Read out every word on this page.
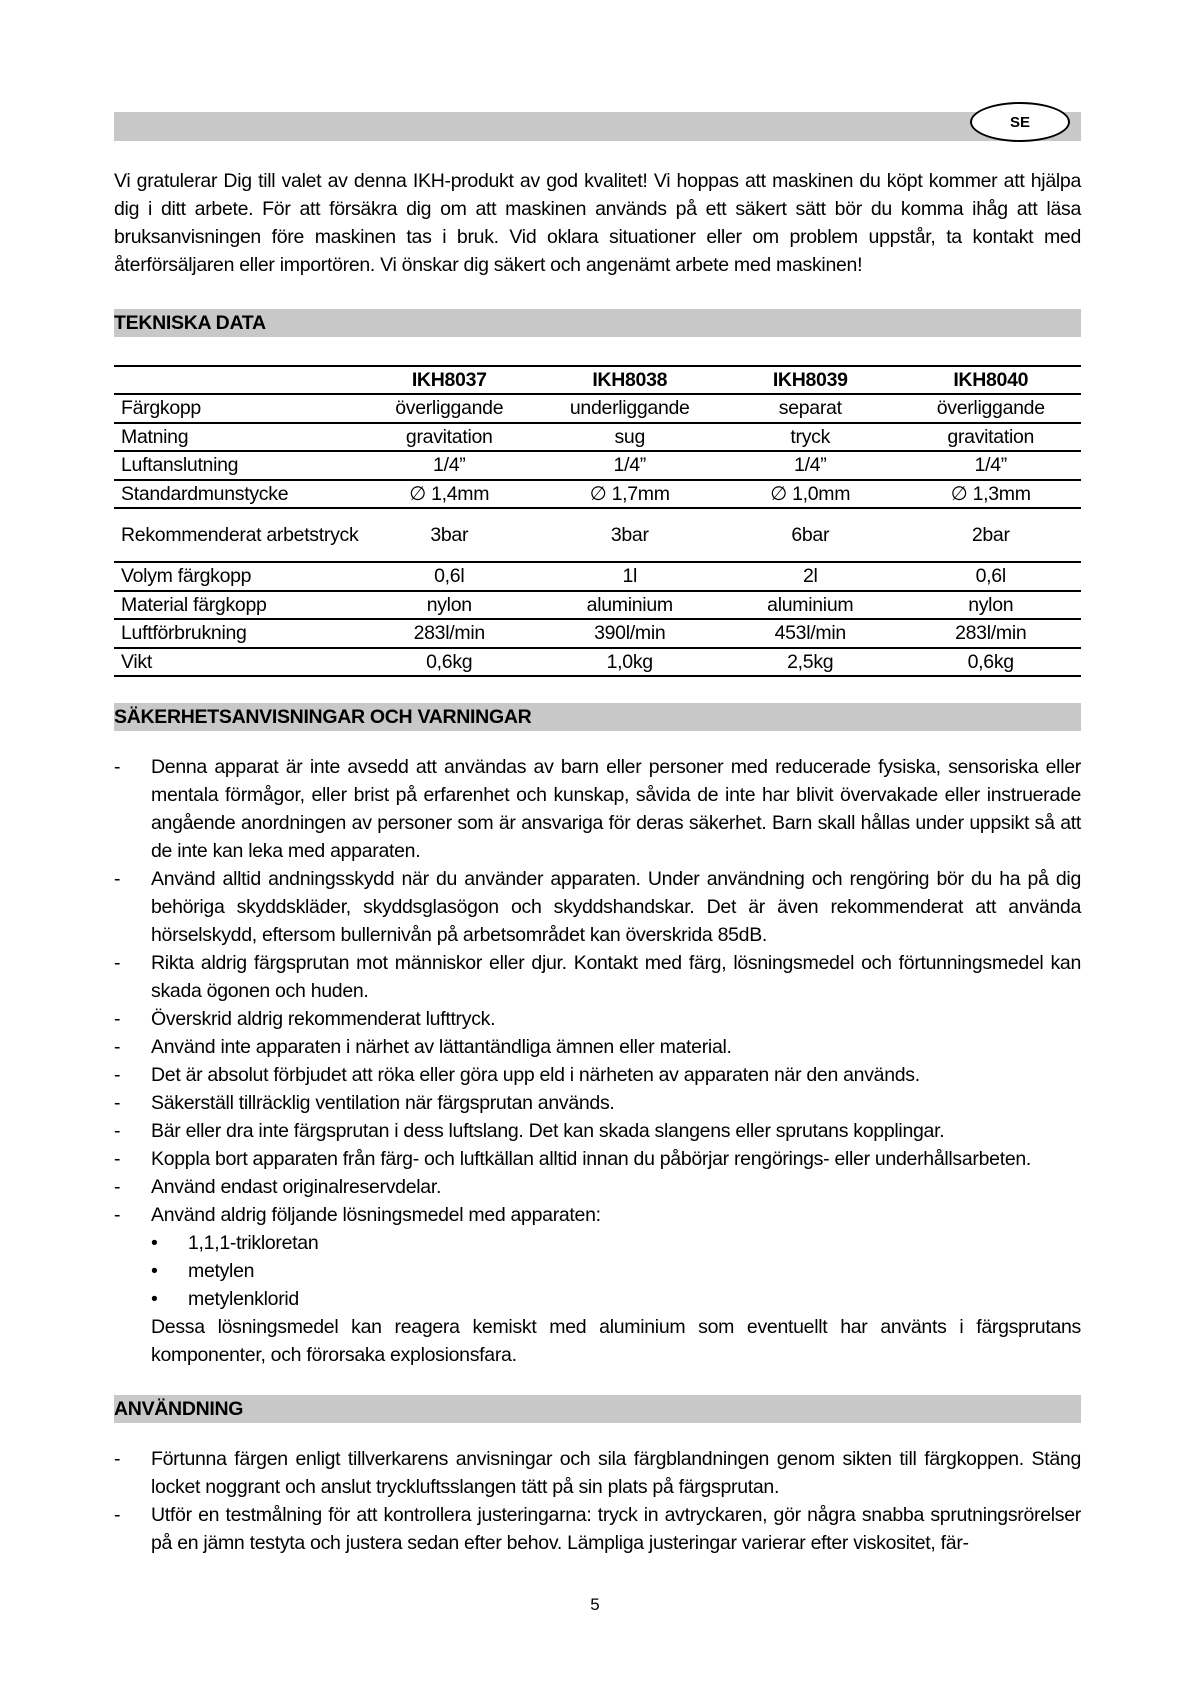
SE

Vi gratulerar Dig till valet av denna IKH-produkt av god kvalitet! Vi hoppas att maskinen du köpt kommer att hjälpa dig i ditt arbete. För att försäkra dig om att maskinen används på ett säkert sätt bör du komma ihåg att läsa bruksanvisningen före maskinen tas i bruk. Vid oklara situationer eller om problem uppstår, ta kontakt med återförsäljaren eller importören. Vi önskar dig säkert och angenämt arbete med maskinen!

TEKNISKA DATA
	IKH8037	IKH8038	IKH8039	IKH8040
Färgkopp	överliggande	underliggande	separat	överliggande
Matning	gravitation	sug	tryck	gravitation
Luftanslutning	1/4”	1/4”	1/4”	1/4”
Standardmunstycke	∅ 1,4mm	∅ 1,7mm	∅ 1,0mm	∅ 1,3mm
Rekommenderat arbetstryck	3bar	3bar	6bar	2bar
Volym färgkopp	0,6l	1l	2l	0,6l
Material färgkopp	nylon	aluminium	aluminium	nylon
Luftförbrukning	283l/min	390l/min	453l/min	283l/min
Vikt	0,6kg	1,0kg	2,5kg	0,6kg
SÄKERHETSANVISNINGAR OCH VARNINGAR
-	Denna apparat är inte avsedd att användas av barn eller personer med reducerade fysiska, sensoriska eller mentala förmågor, eller brist på erfarenhet och kunskap, såvida de inte har blivit övervakade eller instruerade angående anordningen av personer som är ansvariga för deras säkerhet. Barn skall hållas under uppsikt så att de inte kan leka med apparaten.
-	Använd alltid andningsskydd när du använder apparaten. Under användning och rengöring bör du ha på dig behöriga skyddskläder, skyddsglasögon och skyddshandskar. Det är även rekommenderat att använda hörselskydd, eftersom bullernivån på arbetsområdet kan överskrida 85dB.
-	Rikta aldrig färgsprutan mot människor eller djur. Kontakt med färg, lösningsmedel och förtunningsmedel kan skada ögonen och huden.
-	Överskrid aldrig rekommenderat lufttryck.
-	Använd inte apparaten i närhet av lättantändliga ämnen eller material.
-	Det är absolut förbjudet att röka eller göra upp eld i närheten av apparaten när den används.
-	Säkerställ tillräcklig ventilation när färgsprutan används.
-	Bär eller dra inte färgsprutan i dess luftslang. Det kan skada slangens eller sprutans kopplingar.
-	Koppla bort apparaten från färg- och luftkällan alltid innan du påbörjar rengörings- eller underhållsarbeten.
-	Använd endast originalreservdelar.
-	Använd aldrig följande lösningsmedel med apparaten:
•	1,1,1-trikloretan
•	metylen
•	metylenklorid
Dessa lösningsmedel kan reagera kemiskt med aluminium som eventuellt har använts i färgsprutans komponenter, och förorsaka explosionsfara.
ANVÄNDNING
-	Förtunna färgen enligt tillverkarens anvisningar och sila färgblandningen genom sikten till färgkoppen. Stäng locket noggrant och anslut tryckluftsslangen tätt på sin plats på färgsprutan.
-	Utför en testmålning för att kontrollera justeringarna: tryck in avtryckaren, gör några snabba sprutningsrörelser på en jämn testyta och justera sedan efter behov. Lämpliga justeringar varierar efter viskositet, fär-
5
